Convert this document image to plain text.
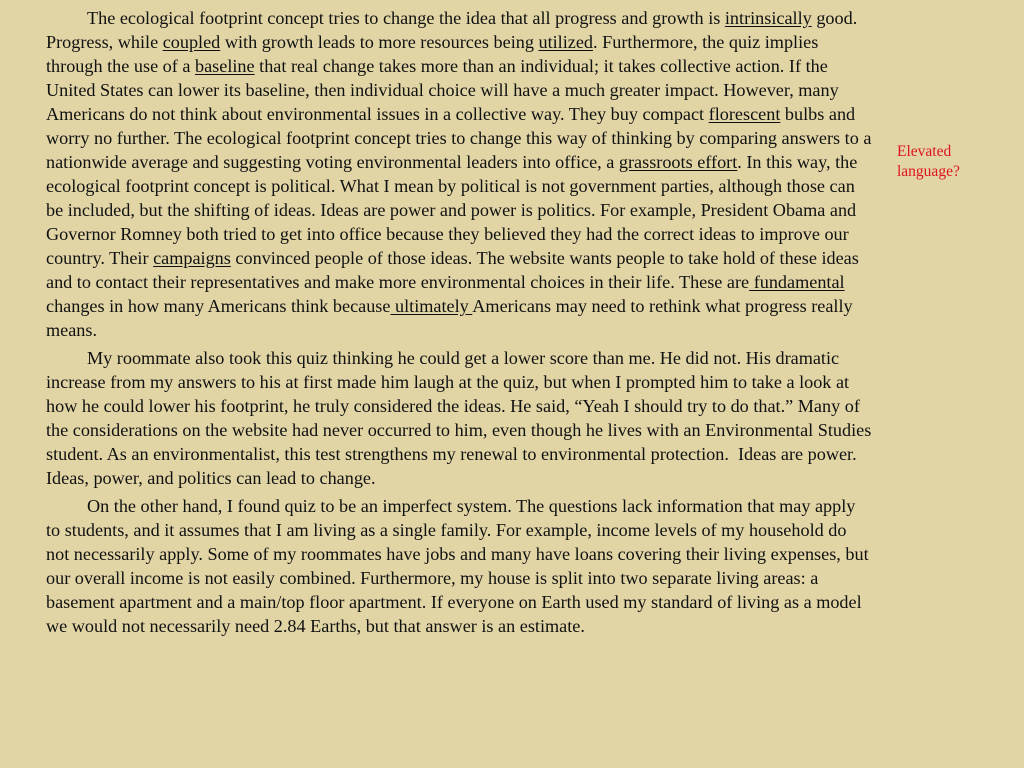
The ecological footprint concept tries to change the idea that all progress and growth is intrinsically good. Progress, while coupled with growth leads to more resources being utilized. Furthermore, the quiz implies through the use of a baseline that real change takes more than an individual; it takes collective action. If the United States can lower its baseline, then individual choice will have a much greater impact. However, many Americans do not think about environmental issues in a collective way. They buy compact florescent bulbs and worry no further. The ecological footprint concept tries to change this way of thinking by comparing answers to a nationwide average and suggesting voting environmental leaders into office, a grassroots effort. In this way, the ecological footprint concept is political. What I mean by political is not government parties, although those can be included, but the shifting of ideas. Ideas are power and power is politics. For example, President Obama and Governor Romney both tried to get into office because they believed they had the correct ideas to improve our country. Their campaigns convinced people of those ideas. The website wants people to take hold of these ideas and to contact their representatives and make more environmental choices in their life. These are fundamental changes in how many Americans think because ultimately Americans may need to rethink what progress really means.

My roommate also took this quiz thinking he could get a lower score than me. He did not. His dramatic increase from my answers to his at first made him laugh at the quiz, but when I prompted him to take a look at how he could lower his footprint, he truly considered the ideas. He said, “Yeah I should try to do that.” Many of the considerations on the website had never occurred to him, even though he lives with an Environmental Studies student. As an environmentalist, this test strengthens my renewal to environmental protection.  Ideas are power. Ideas, power, and politics can lead to change.

On the other hand, I found quiz to be an imperfect system. The questions lack information that may apply to students, and it assumes that I am living as a single family. For example, income levels of my household do not necessarily apply. Some of my roommates have jobs and many have loans covering their living expenses, but our overall income is not easily combined. Furthermore, my house is split into two separate living areas: a basement apartment and a main/top floor apartment. If everyone on Earth used my standard of living as a model we would not necessarily need 2.84 Earths, but that answer is an estimate.

Elevated language?
